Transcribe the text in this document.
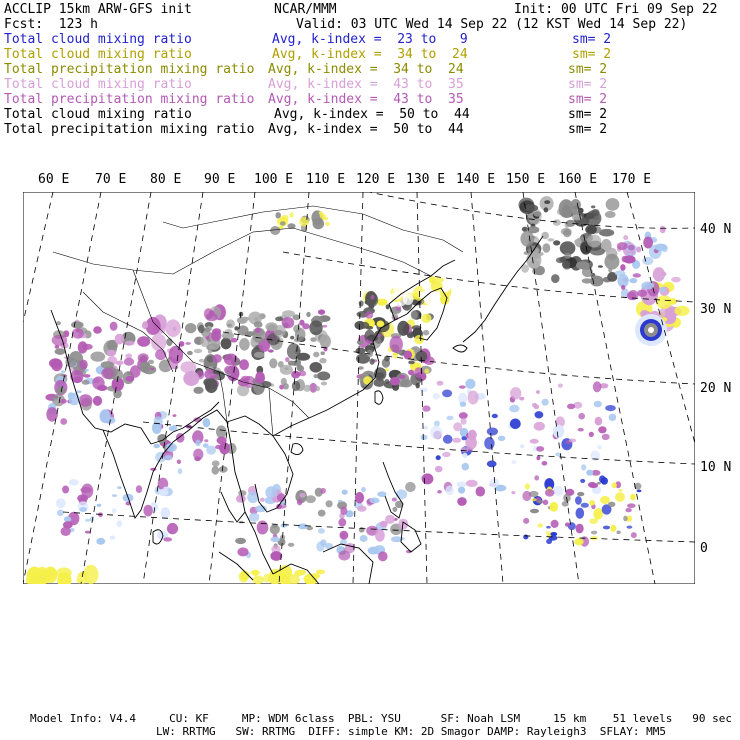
ACCLIP 15km ARW-GFS init	NCAR/MMM	Init: 00 UTC Fri 09 Sep 22
Fcst:  123 h	Valid: 03 UTC Wed 14 Sep 22 (12 KST Wed 14 Sep 22)
Total cloud mixing ratio	Avg, k-index =  23 to   9	sm= 2
Total cloud mixing ratio	Avg, k-index =  34 to  24	sm= 2
Total precipitation mixing ratio Avg, k-index =  34 to  24	sm= 2
Total cloud mixing ratio	Avg, k-index =  43 to  35	sm= 2
Total precipitation mixing ratio Avg, k-index =  43 to  35	sm= 2
Total cloud mixing ratio	Avg, k-index =  50 to  44	sm= 2
Total precipitation mixing ratio Avg, k-index =  50 to  44	sm= 2
60 E 70 E 80 E 90 E 100 E 110 E 120 E 130 E 140 E 150 E 160 E 170 E
40 N
30 N
20 N
10 N
0
Model Info: V4.4     CU: KF     MP: WDM 6class  PBL: YSU      SF: Noah LSM     15 km    51 levels   90 sec
LW: RRTMG   SW: RRTMG  DIFF: simple KM: 2D Smagor DAMP: Rayleigh3  SFLAY: MM5
